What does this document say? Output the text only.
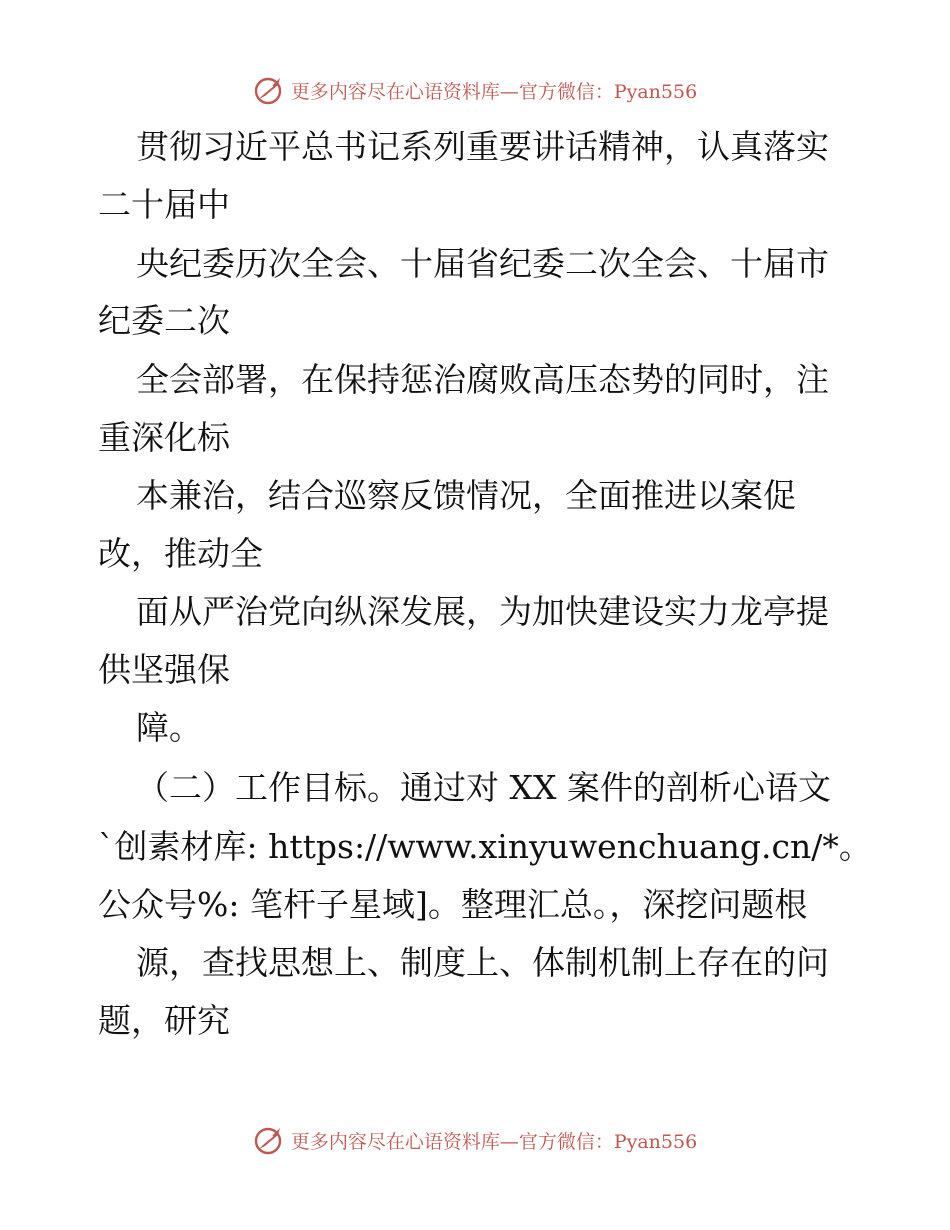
更多内容尽在心语资料库—官方微信：Pyan556
贯彻习近平总书记系列重要讲话精神，认真落实
二十届中
央纪委历次全会、十届省纪委二次全会、十届市
纪委二次
全会部署，在保持惩治腐败高压态势的同时，注
重深化标
本兼治，结合巡察反馈情况，全面推进以案促
改，推动全
面从严治党向纵深发展，为加快建设实力龙亭提
供坚强保
障。
（二）工作目标。通过对 XX 案件的剖析心语文
`创素材库: https://www.xinyuwenchuang.cn/*。
公众号%: 笔杆子星域]。整理汇总。，深挖问题根
源，查找思想上、制度上、体制机制上存在的问
题，研究
更多内容尽在心语资料库—官方微信：Pyan556
